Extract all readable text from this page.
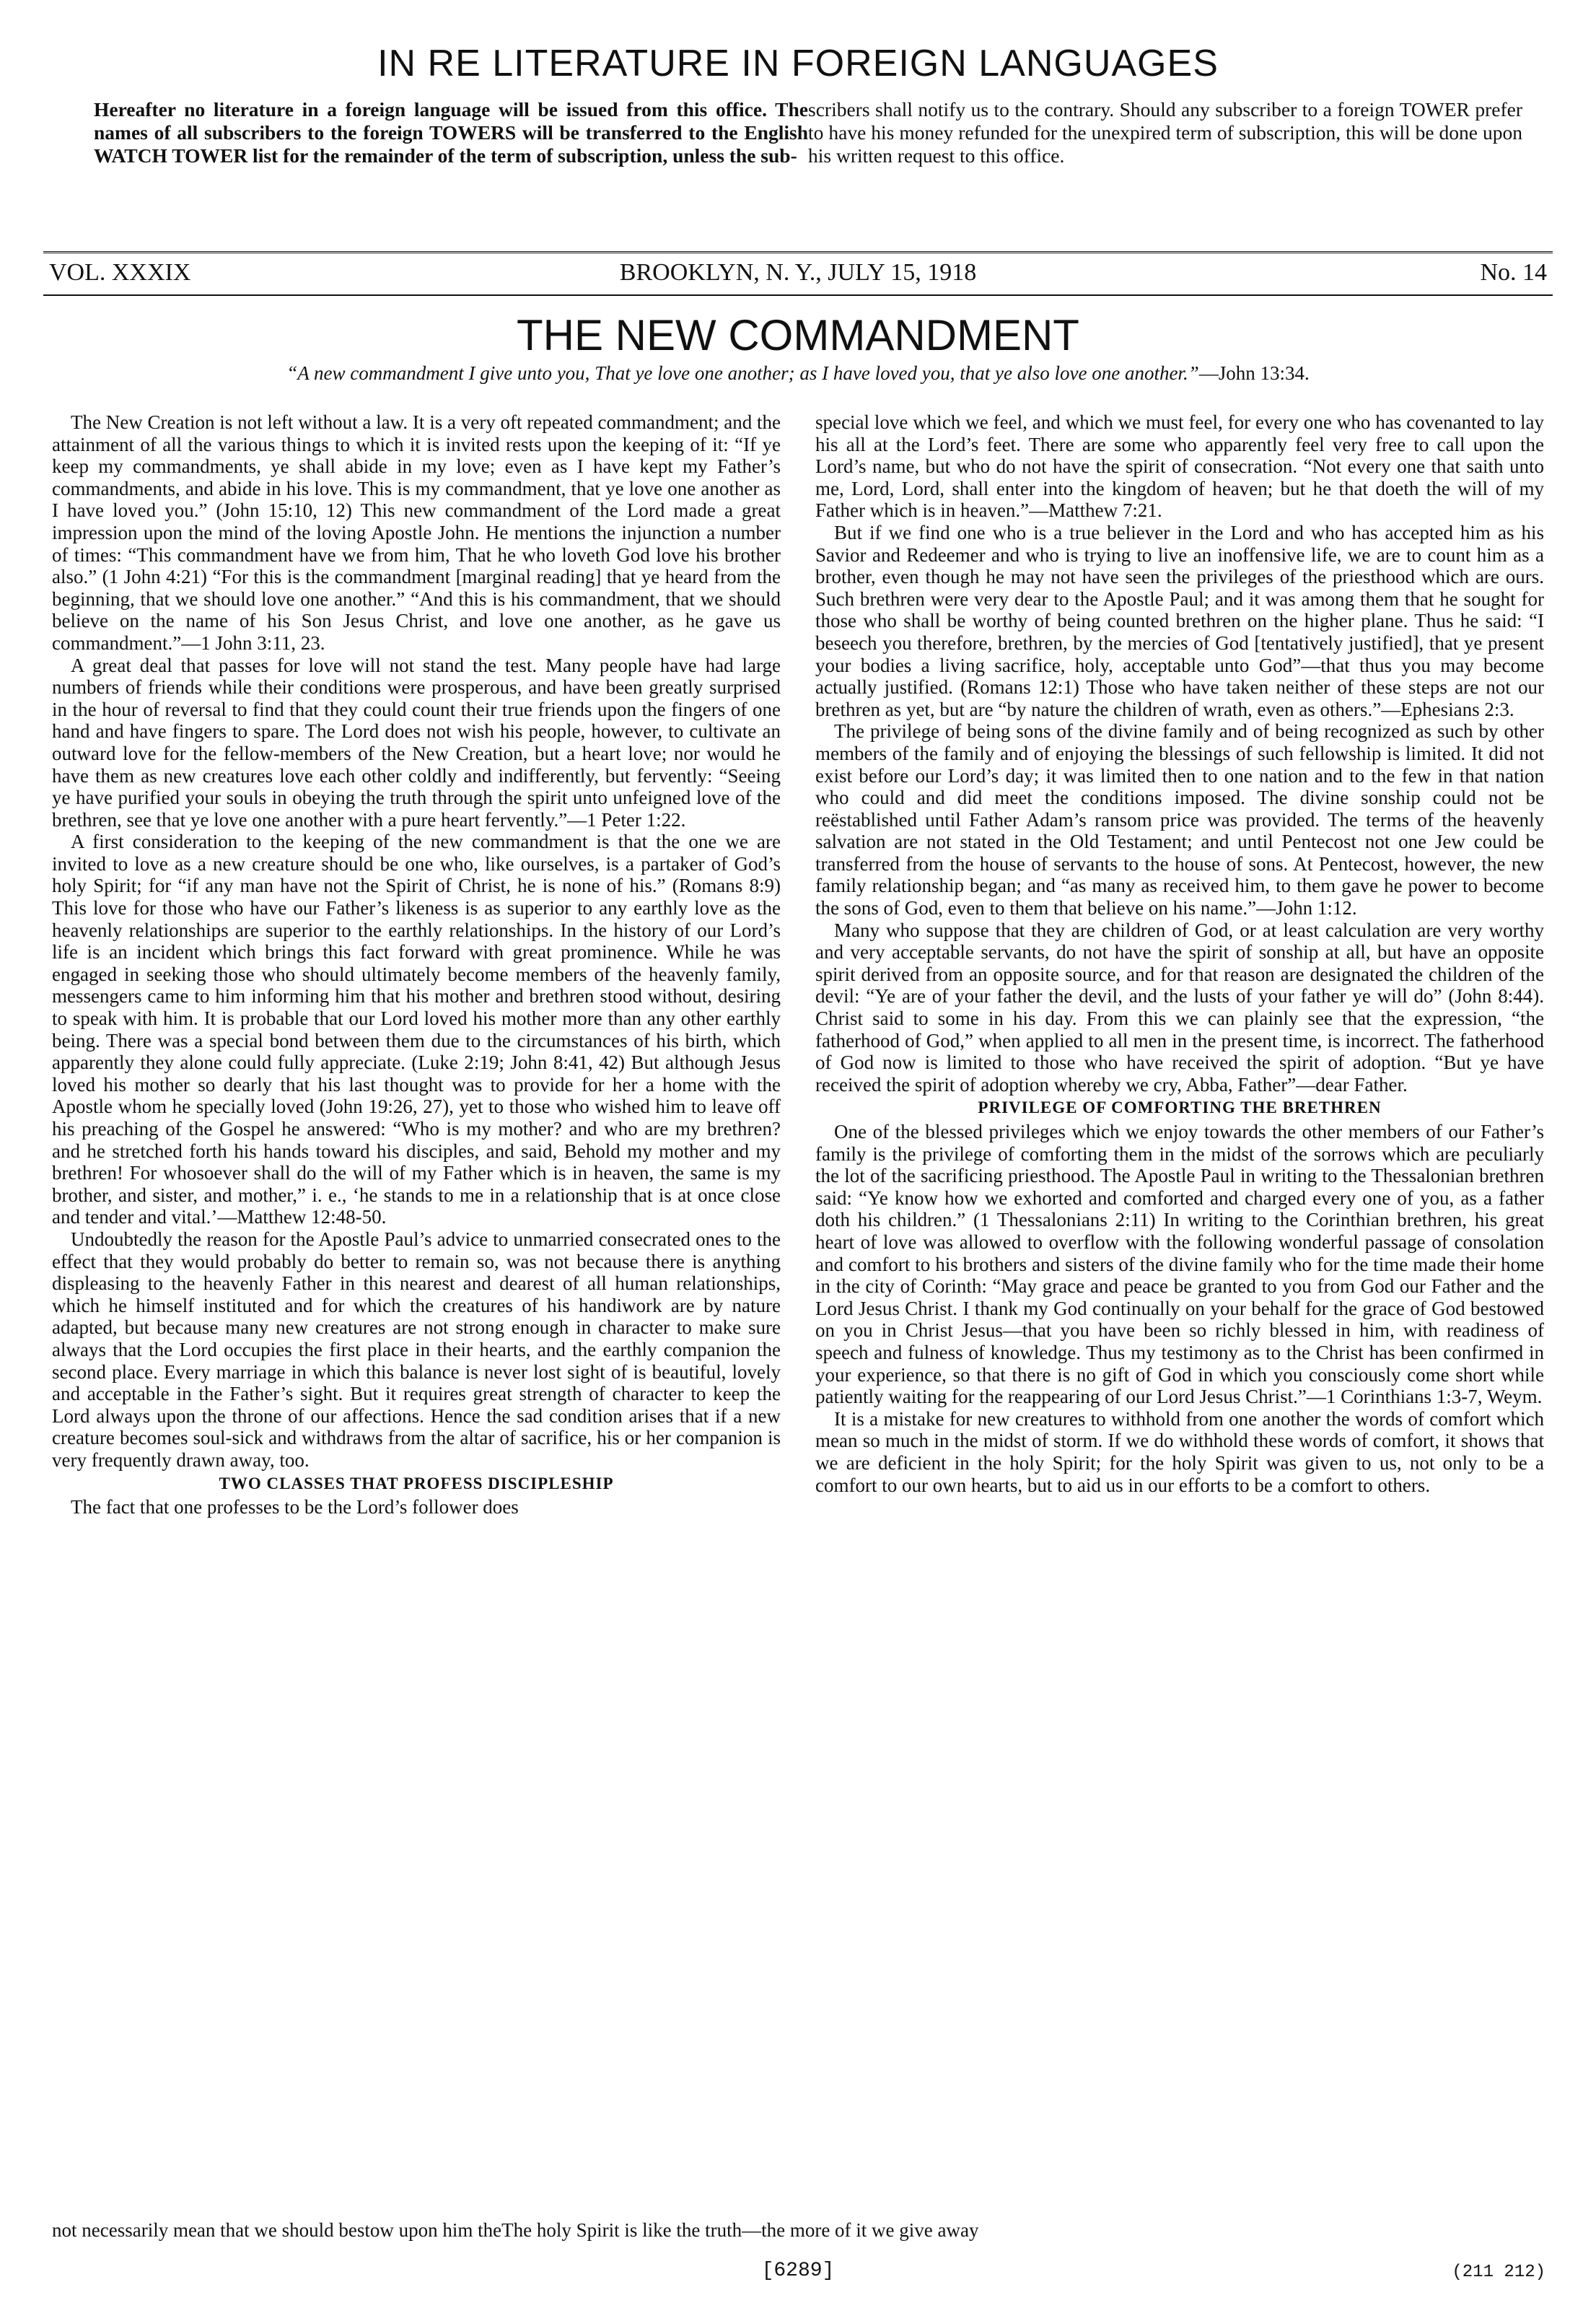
IN RE LITERATURE IN FOREIGN LANGUAGES
Hereafter no literature in a foreign language will be issued from this office. The names of all subscribers to the foreign TOWERS will be transferred to the English WATCH TOWER list for the remainder of the term of subscription, unless the sub-
scribers shall notify us to the contrary. Should any subscriber to a foreign TOWER prefer to have his money refunded for the unexpired term of subscription, this will be done upon his written request to this office.
VOL. XXXIX	BROOKLYN, N. Y., JULY 15, 1918	No. 14
THE NEW COMMANDMENT
“A new commandment I give unto you, That ye love one another; as I have loved you, that ye also love one another.”—John 13:34.

The New Creation is not left without a law. It is a very oft repeated commandment; and the attainment of all the various things to which it is invited rests upon the keeping of it: “If ye keep my commandments, ye shall abide in my love; even as I have kept my Father’s commandments, and abide in his love. This is my commandment, that ye love one another as I have loved you.” (John 15:10, 12) This new commandment of the Lord made a great impression upon the mind of the loving Apostle John. He mentions the injunction a number of times: “This commandment have we from him, That he who loveth God love his brother also.” (1 John 4:21) “For this is the commandment [marginal reading] that ye heard from the beginning, that we should love one another.” “And this is his commandment, that we should believe on the name of his Son Jesus Christ, and love one another, as he gave us commandment.”—1 John 3:11, 23.

A great deal that passes for love will not stand the test. Many people have had large numbers of friends while their conditions were prosperous, and have been greatly surprised in the hour of reversal to find that they could count their true friends upon the fingers of one hand and have fingers to spare. The Lord does not wish his people, however, to cultivate an outward love for the fellow-members of the New Creation, but a heart love; nor would he have them as new creatures love each other coldly and indifferently, but fervently: “Seeing ye have purified your souls in obeying the truth through the spirit unto unfeigned love of the brethren, see that ye love one another with a pure heart fervently.”—1 Peter 1:22.

A first consideration to the keeping of the new commandment is that the one we are invited to love as a new creature should be one who, like ourselves, is a partaker of God’s holy Spirit; for “if any man have not the Spirit of Christ, he is none of his.” (Romans 8:9) This love for those who have our Father’s likeness is as superior to any earthly love as the heavenly relationships are superior to the earthly relationships. In the history of our Lord’s life is an incident which brings this fact forward with great prominence. While he was engaged in seeking those who should ultimately become members of the heavenly family, messengers came to him informing him that his mother and brethren stood without, desiring to speak with him. It is probable that our Lord loved his mother more than any other earthly being. There was a special bond between them due to the circumstances of his birth, which apparently they alone could fully appreciate. (Luke 2:19; John 8:41, 42) But although Jesus loved his mother so dearly that his last thought was to provide for her a home with the Apostle whom he specially loved (John 19:26, 27), yet to those who wished him to leave off his preaching of the Gospel he answered: “Who is my mother? and who are my brethren? and he stretched forth his hands toward his disciples, and said, Behold my mother and my brethren! For whosoever shall do the will of my Father which is in heaven, the same is my brother, and sister, and mother,” i. e., ‘he stands to me in a relationship that is at once close and tender and vital.’—Matthew 12:48-50.

Undoubtedly the reason for the Apostle Paul’s advice to unmarried consecrated ones to the effect that they would probably do better to remain so, was not because there is anything displeasing to the heavenly Father in this nearest and dearest of all human relationships, which he himself instituted and for which the creatures of his handiwork are by nature adapted, but because many new creatures are not strong enough in character to make sure always that the Lord occupies the first place in their hearts, and the earthly companion the second place. Every marriage in which this balance is never lost sight of is beautiful, lovely and acceptable in the Father’s sight. But it requires great strength of character to keep the Lord always upon the throne of our affections. Hence the sad condition arises that if a new creature becomes soul-sick and withdraws from the altar of sacrifice, his or her companion is very frequently drawn away, too.

TWO CLASSES THAT PROFESS DISCIPLESHIP

The fact that one professes to be the Lord’s follower does

special love which we feel, and which we must feel, for every one who has covenanted to lay his all at the Lord’s feet. There are some who apparently feel very free to call upon the Lord’s name, but who do not have the spirit of consecration. “Not every one that saith unto me, Lord, Lord, shall enter into the kingdom of heaven; but he that doeth the will of my Father which is in heaven.”—Matthew 7:21.

But if we find one who is a true believer in the Lord and who has accepted him as his Savior and Redeemer and who is trying to live an inoffensive life, we are to count him as a brother, even though he may not have seen the privileges of the priesthood which are ours. Such brethren were very dear to the Apostle Paul; and it was among them that he sought for those who shall be worthy of being counted brethren on the higher plane. Thus he said: “I beseech you therefore, brethren, by the mercies of God [tentatively justified], that ye present your bodies a living sacrifice, holy, acceptable unto God”—that thus you may become actually justified. (Romans 12:1) Those who have taken neither of these steps are not our brethren as yet, but are “by nature the children of wrath, even as others.”—Ephesians 2:3.

The privilege of being sons of the divine family and of being recognized as such by other members of the family and of enjoying the blessings of such fellowship is limited. It did not exist before our Lord’s day; it was limited then to one nation and to the few in that nation who could and did meet the conditions imposed. The divine sonship could not be reëstablished until Father Adam’s ransom price was provided. The terms of the heavenly salvation are not stated in the Old Testament; and until Pentecost not one Jew could be transferred from the house of servants to the house of sons. At Pentecost, however, the new family relationship began; and “as many as received him, to them gave he power to become the sons of God, even to them that believe on his name.”—John 1:12.

Many who suppose that they are children of God, or at least calculation are very worthy and very acceptable servants, do not have the spirit of sonship at all, but have an opposite spirit derived from an opposite source, and for that reason are designated the children of the devil: “Ye are of your father the devil, and the lusts of your father ye will do” (John 8:44). Christ said to some in his day. From this we can plainly see that the expression, “the fatherhood of God,” when applied to all men in the present time, is incorrect. The fatherhood of God now is limited to those who have received the spirit of adoption. “But ye have received the spirit of adoption whereby we cry, Abba, Father”—dear Father.

PRIVILEGE OF COMFORTING THE BRETHREN

One of the blessed privileges which we enjoy towards the other members of our Father’s family is the privilege of comforting them in the midst of the sorrows which are peculiarly the lot of the sacrificing priesthood. The Apostle Paul in writing to the Thessalonian brethren said: “Ye know how we exhorted and comforted and charged every one of you, as a father doth his children.” (1 Thessalonians 2:11) In writing to the Corinthian brethren, his great heart of love was allowed to overflow with the following wonderful passage of consolation and comfort to his brothers and sisters of the divine family who for the time made their home in the city of Corinth: “May grace and peace be granted to you from God our Father and the Lord Jesus Christ. I thank my God continually on your behalf for the grace of God bestowed on you in Christ Jesus—that you have been so richly blessed in him, with readiness of speech and fulness of knowledge. Thus my testimony as to the Christ has been confirmed in your experience, so that there is no gift of God in which you consciously come short while patiently waiting for the reappearing of our Lord Jesus Christ.”—1 Corinthians 1:3-7, Weym.

It is a mistake for new creatures to withhold from one another the words of comfort which mean so much in the midst of storm. If we do withhold these words of comfort, it shows that we are deficient in the holy Spirit; for the holy Spirit was given to us, not only to be a comfort to our own hearts, but to aid us in our efforts to be a comfort to others.

not necessarily mean that we should bestow upon him theThe holy Spirit is like the truth—the more of it we give away
[6289]	(211 212)
